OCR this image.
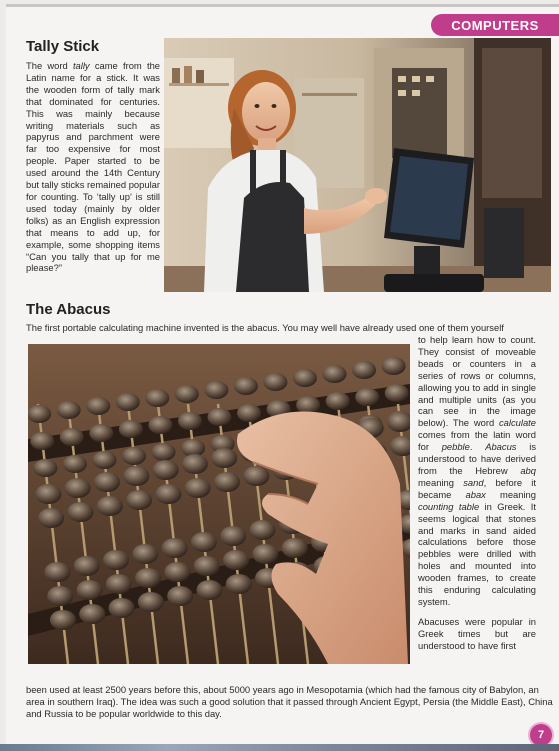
COMPUTERS
Tally Stick

The word tally came from the Latin name for a stick. It was the wooden form of tally mark that dominated for centuries. This was mainly because writing materials such as papyrus and parchment were far too expensive for most people. Paper started to be used around the 14th Century but tally sticks remained popular for counting. To ‘tally up’ is still used today (mainly by older folks) as an English expression that means to add up, for example, some shopping items “Can you tally that up for me please?”

The Abacus

The first portable calculating machine invented is the abacus. You may well have already used one of them yourself

to help learn how to count. They consist of moveable beads or counters in a series of rows or columns, allowing you to add in single and multiple units (as you can see in the image below). The word calculate comes from the latin word for pebble. Abacus is understood to have derived from the Hebrew abq meaning sand, before it became abax meaning counting table in Greek. It seems logical that stones and marks in sand aided calculations before those pebbles were drilled with holes and mounted into wooden frames, to create this enduring calculating system.

Abacuses were popular in Greek times but are understood to have first

been used at least 2500 years before this, about 5000 years ago in Mesopotamia (which had the famous city of Babylon, an area in southern Iraq). The idea was such a good solution that it passed through Ancient Egypt, Persia (the Middle East), China and Russia to be popular worldwide to this day.

7
